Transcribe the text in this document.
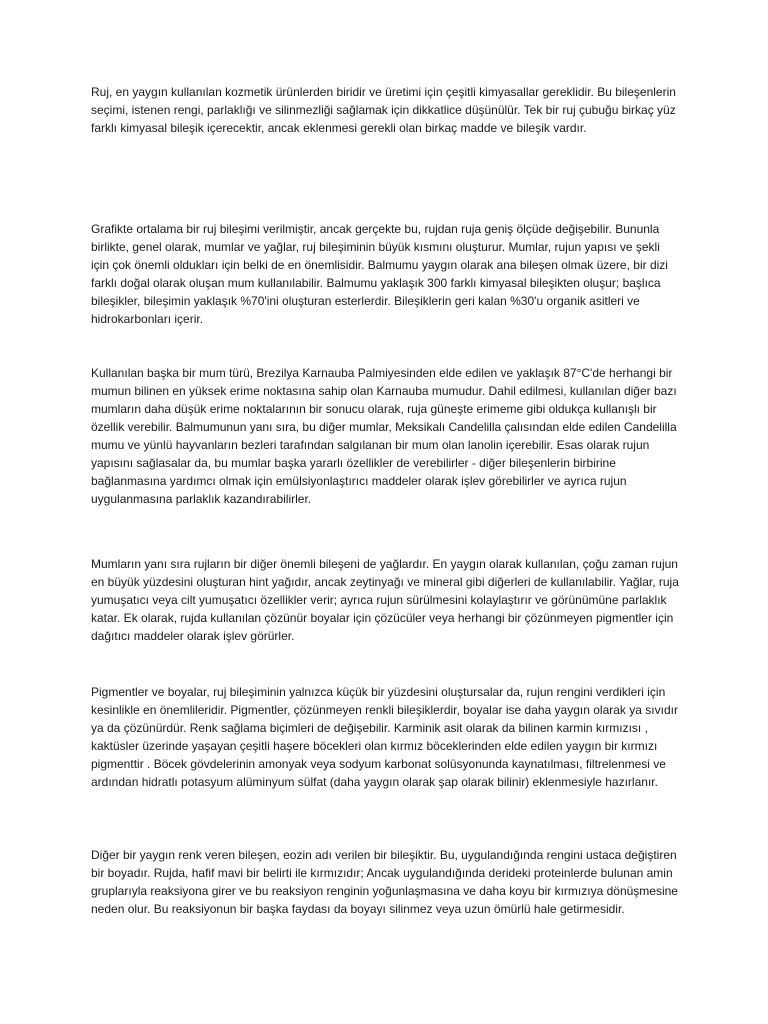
Ruj, en yaygın kullanılan kozmetik ürünlerden biridir ve üretimi için çeşitli kimyasallar gereklidir. Bu bileşenlerin seçimi, istenen rengi, parlaklığı ve silinmezliği sağlamak için dikkatlice düşünülür. Tek bir ruj çubuğu birkaç yüz farklı kimyasal bileşik içerecektir, ancak eklenmesi gerekli olan birkaç madde ve bileşik vardır.

Grafikte ortalama bir ruj bileşimi verilmiştir, ancak gerçekte bu, rujdan ruja geniş ölçüde değişebilir. Bununla birlikte, genel olarak, mumlar ve yağlar, ruj bileşiminin büyük kısmını oluşturur. Mumlar, rujun yapısı ve şekli için çok önemli oldukları için belki de en önemlisidir. Balmumu yaygın olarak ana bileşen olmak üzere, bir dizi farklı doğal olarak oluşan mum kullanılabilir. Balmumu yaklaşık 300 farklı kimyasal bileşikten oluşur; başlıca bileşikler, bileşimin yaklaşık %70'ini oluşturan esterlerdir. Bileşiklerin geri kalan %30'u organik asitleri ve hidrokarbonları içerir.

Kullanılan başka bir mum türü, Brezilya Karnauba Palmiyesinden elde edilen ve yaklaşık 87°C'de herhangi bir mumun bilinen en yüksek erime noktasına sahip olan Karnauba mumudur. Dahil edilmesi, kullanılan diğer bazı mumların daha düşük erime noktalarının bir sonucu olarak, ruja güneşte erimeme gibi oldukça kullanışlı bir özellik verebilir. Balmumunun yanı sıra, bu diğer mumlar, Meksikalı Candelilla çalısından elde edilen Candelilla mumu ve yünlü hayvanların bezleri tarafından salgılanan bir mum olan lanolin içerebilir. Esas olarak rujun yapısını sağlasalar da, bu mumlar başka yararlı özellikler de verebilirler - diğer bileşenlerin birbirine bağlanmasına yardımcı olmak için emülsiyonlaştırıcı maddeler olarak işlev görebilirler ve ayrıca rujun uygulanmasına parlaklık kazandırabilirler.

Mumların yanı sıra rujların bir diğer önemli bileşeni de yağlardır. En yaygın olarak kullanılan, çoğu zaman rujun en büyük yüzdesini oluşturan hint yağıdır, ancak zeytinyağı ve mineral gibi diğerleri de kullanılabilir. Yağlar, ruja yumuşatıcı veya cilt yumuşatıcı özellikler verir; ayrıca rujun sürülmesini kolaylaştırır ve görünümüne parlaklık katar. Ek olarak, rujda kullanılan çözünür boyalar için çözücüler veya herhangi bir çözünmeyen pigmentler için dağıtıcı maddeler olarak işlev görürler.

Pigmentler ve boyalar, ruj bileşiminin yalnızca küçük bir yüzdesini oluştursalar da, rujun rengini verdikleri için kesinlikle en önemlileridir. Pigmentler, çözünmeyen renkli bileşiklerdir, boyalar ise daha yaygın olarak ya sıvıdır ya da çözünürdür. Renk sağlama biçimleri de değişebilir. Karminik asit olarak da bilinen karmin kırmızısı , kaktüsler üzerinde yaşayan çeşitli haşere böcekleri olan kırmız böceklerinden elde edilen yaygın bir kırmızı pigmenttir . Böcek gövdelerinin amonyak veya sodyum karbonat solüsyonunda kaynatılması, filtrelenmesi ve ardından hidratlı potasyum alüminyum sülfat (daha yaygın olarak şap olarak bilinir) eklenmesiyle hazırlanır.

Diğer bir yaygın renk veren bileşen, eozin adı verilen bir bileşiktir. Bu, uygulandığında rengini ustaca değiştiren bir boyadır. Rujda, hafif mavi bir belirti ile kırmızıdır; Ancak uygulandığında derideki proteinlerde bulunan amin gruplarıyla reaksiyona girer ve bu reaksiyon renginin yoğunlaşmasına ve daha koyu bir kırmızıya dönüşmesine neden olur. Bu reaksiyonun bir başka faydası da boyayı silinmez veya uzun ömürlü hale getirmesidir.
